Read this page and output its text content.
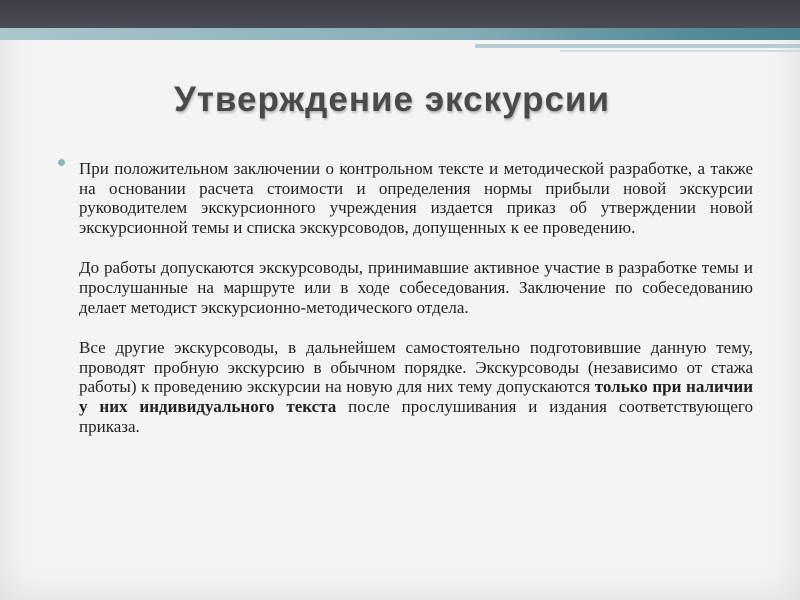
Утверждение экскурсии

При положительном заключении о контрольном тексте и методической разработке, а также на основании расчета стоимости и определения нормы прибыли новой экскурсии руководителем экскурсионного учреждения издается приказ об утверждении новой экскурсионной темы и списка экскурсоводов, допущенных к ее проведению.

До работы допускаются экскурсоводы, принимавшие активное участие в разработке темы и прослушанные на маршруте или в ходе собеседования. Заключение по собеседованию делает методист экскурсионно-методического отдела.

Все другие экскурсоводы, в дальнейшем самостоятельно подготовившие данную тему, проводят пробную экскурсию в обычном порядке. Экскурсоводы (независимо от стажа работы) к проведению экскурсии на новую для них тему допускаются только при наличии у них индивидуального текста после прослушивания и издания соответствующего приказа.
